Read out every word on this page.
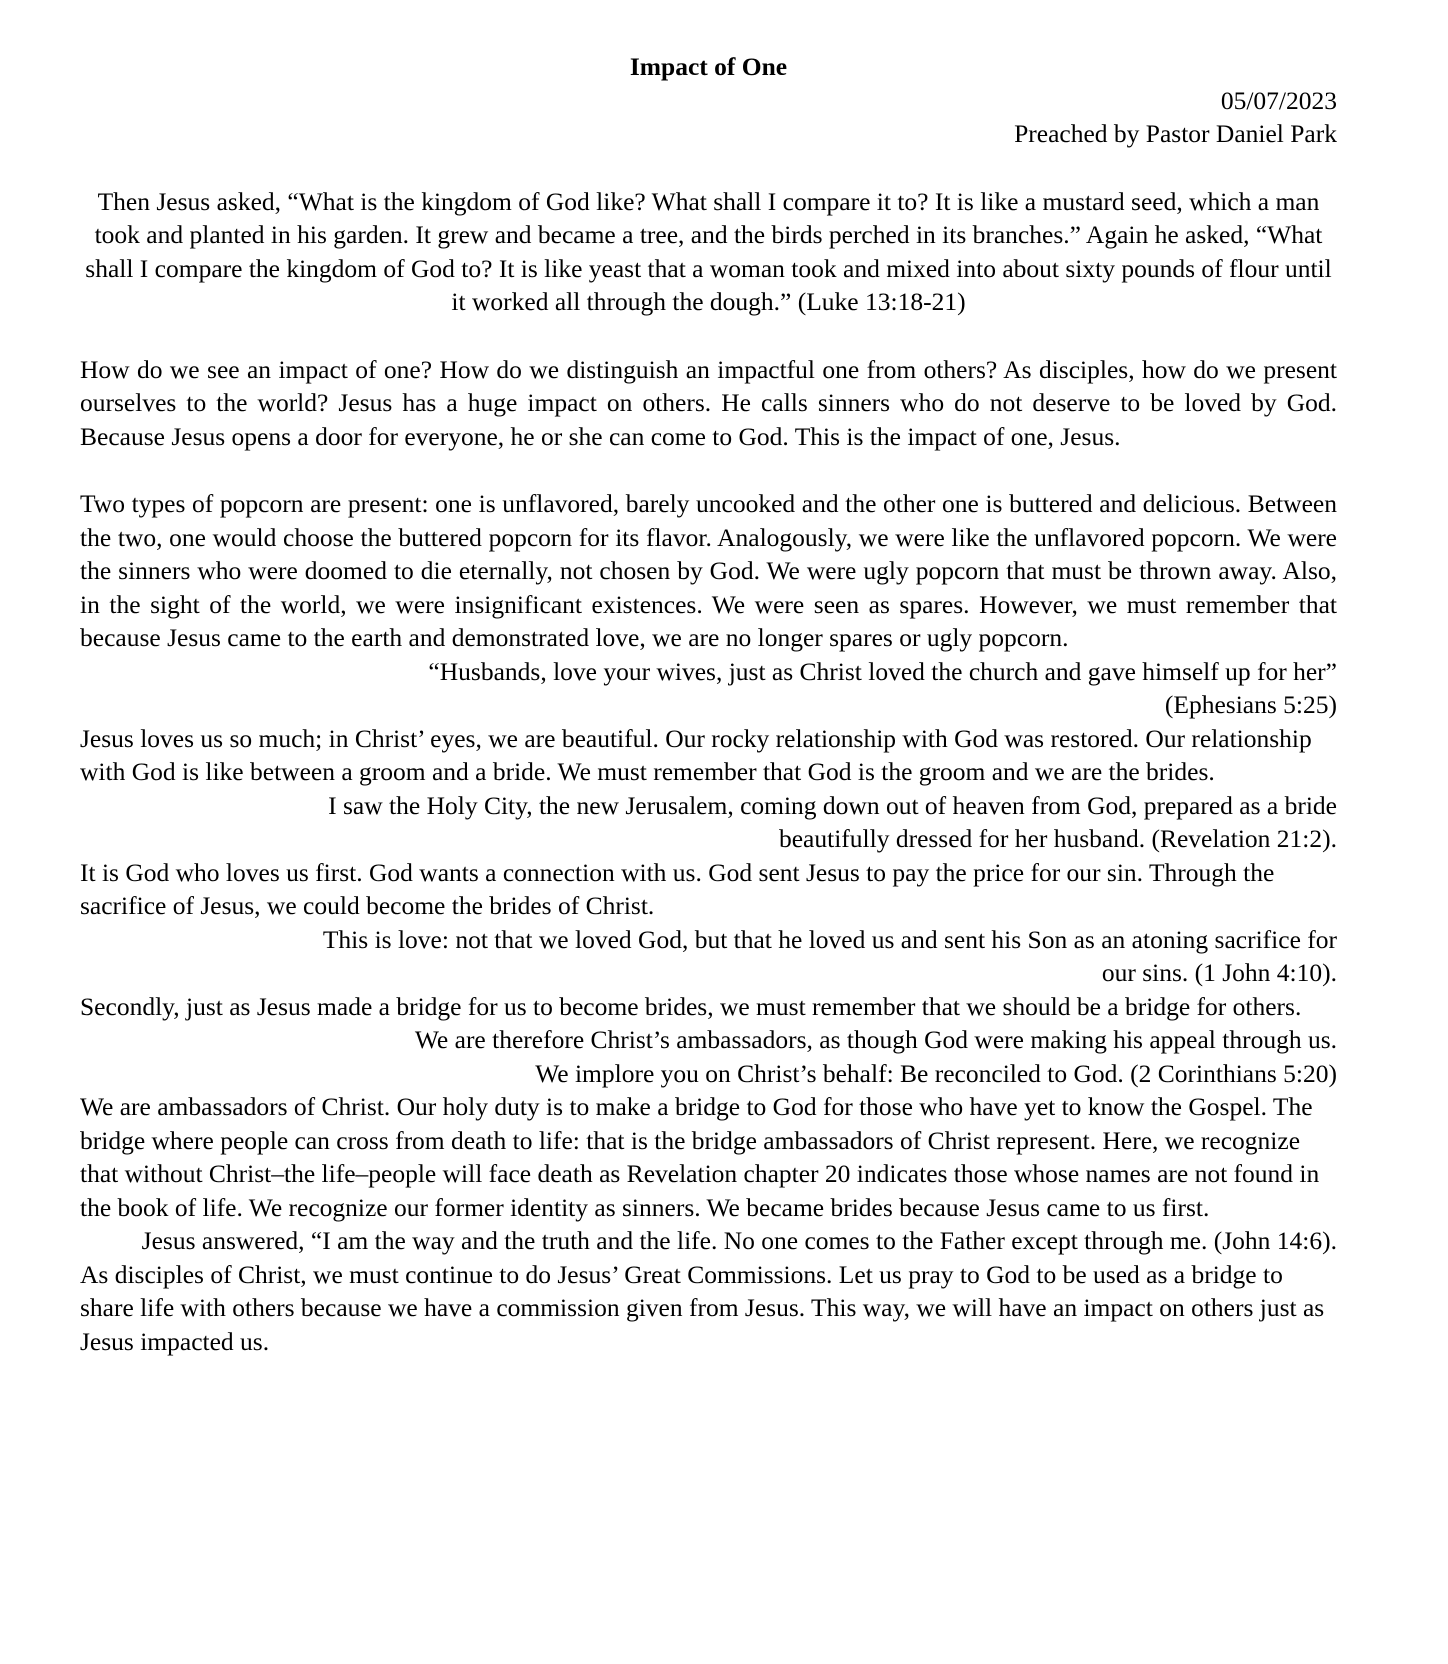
Impact of One

05/07/2023

Preached by Pastor Daniel Park

Then Jesus asked, “What is the kingdom of God like? What shall I compare it to? It is like a mustard seed, which a man took and planted in his garden. It grew and became a tree, and the birds perched in its branches.” Again he asked, “What shall I compare the kingdom of God to? It is like yeast that a woman took and mixed into about sixty pounds of flour until it worked all through the dough.” (Luke 13:18-21)

How do we see an impact of one? How do we distinguish an impactful one from others? As disciples, how do we present ourselves to the world? Jesus has a huge impact on others. He calls sinners who do not deserve to be loved by God. Because Jesus opens a door for everyone, he or she can come to God. This is the impact of one, Jesus.

Two types of popcorn are present: one is unflavored, barely uncooked and the other one is buttered and delicious. Between the two, one would choose the buttered popcorn for its flavor. Analogously, we were like the unflavored popcorn. We were the sinners who were doomed to die eternally, not chosen by God. We were ugly popcorn that must be thrown away. Also, in the sight of the world, we were insignificant existences. We were seen as spares. However, we must remember that because Jesus came to the earth and demonstrated love, we are no longer spares or ugly popcorn.

“Husbands, love your wives, just as Christ loved the church and gave himself up for her” (Ephesians 5:25)

Jesus loves us so much; in Christ’ eyes, we are beautiful. Our rocky relationship with God was restored. Our relationship with God is like between a groom and a bride. We must remember that God is the groom and we are the brides.

I saw the Holy City, the new Jerusalem, coming down out of heaven from God, prepared as a bride beautifully dressed for her husband. (Revelation 21:2).

It is God who loves us first. God wants a connection with us. God sent Jesus to pay the price for our sin. Through the sacrifice of Jesus, we could become the brides of Christ.

This is love: not that we loved God, but that he loved us and sent his Son as an atoning sacrifice for our sins. (1 John 4:10).

Secondly, just as Jesus made a bridge for us to become brides, we must remember that we should be a bridge for others.

We are therefore Christ’s ambassadors, as though God were making his appeal through us. We implore you on Christ’s behalf: Be reconciled to God. (2 Corinthians 5:20)

We are ambassadors of Christ. Our holy duty is to make a bridge to God for those who have yet to know the Gospel. The bridge where people can cross from death to life: that is the bridge ambassadors of Christ represent. Here, we recognize that without Christ–the life–people will face death as Revelation chapter 20 indicates those whose names are not found in the book of life. We recognize our former identity as sinners. We became brides because Jesus came to us first.

Jesus answered, “I am the way and the truth and the life. No one comes to the Father except through me. (John 14:6).

As disciples of Christ, we must continue to do Jesus’ Great Commissions. Let us pray to God to be used as a bridge to share life with others because we have a commission given from Jesus. This way, we will have an impact on others just as Jesus impacted us.
